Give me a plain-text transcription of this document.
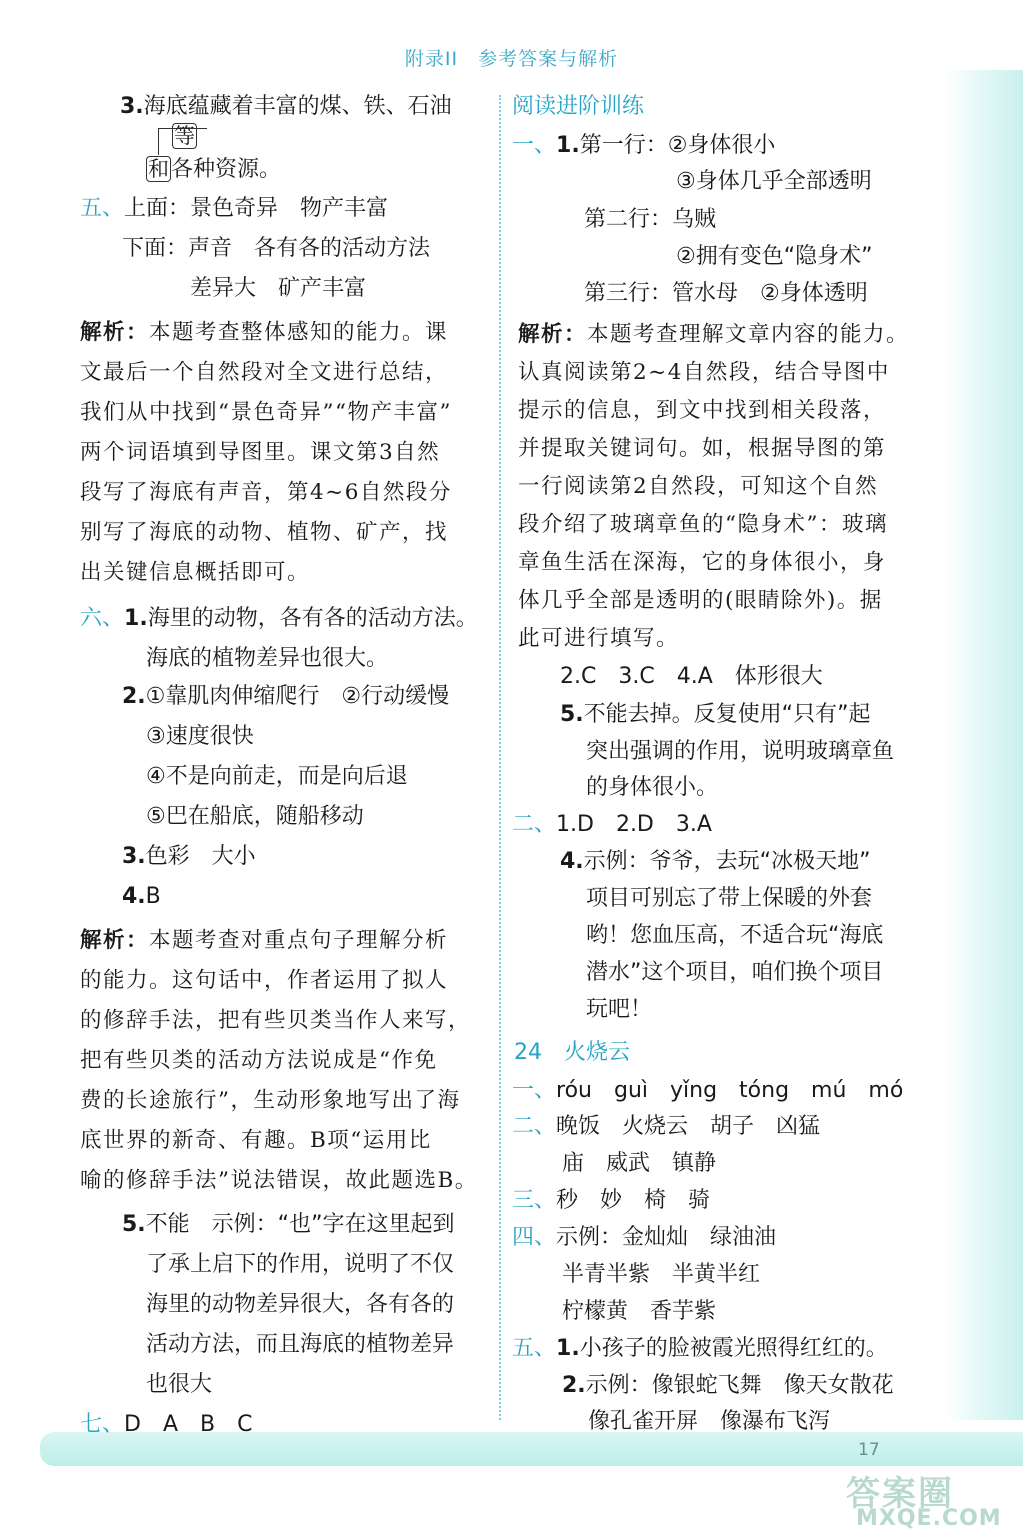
附录II　参考答案与解析
3.海底蕴藏着丰富的煤、铁、石油
等
和各种资源。
五、上面：景色奇异　物产丰富
下面：声音　各有各的活动方法
差异大　矿产丰富
解析：本题考查整体感知的能力。课
文最后一个自然段对全文进行总结，
我们从中找到“景色奇异”“物产丰富”
两个词语填到导图里。课文第3自然
段写了海底有声音，第4~6自然段分
别写了海底的动物、植物、矿产，找
出关键信息概括即可。
六、1.海里的动物，各有各的活动方法。
海底的植物差异也很大。
2.①靠肌肉伸缩爬行　②行动缓慢
③速度很快
④不是向前走，而是向后退
⑤巴在船底，随船移动
3.色彩　大小
4.B
解析：本题考查对重点句子理解分析
的能力。这句话中，作者运用了拟人
的修辞手法，把有些贝类当作人来写，
把有些贝类的活动方法说成是“作免
费的长途旅行”，生动形象地写出了海
底世界的新奇、有趣。B项“运用比
喻的修辞手法”说法错误，故此题选B。
5.不能　示例：“也”字在这里起到
了承上启下的作用，说明了不仅
海里的动物差异很大，各有各的
活动方法，而且海底的植物差异
也很大
七、D　A　B　C
阅读进阶训练
一、1.第一行：②身体很小
③身体几乎全部透明
第二行：乌贼
②拥有变色“隐身术”
第三行：管水母　②身体透明
解析：本题考查理解文章内容的能力。
认真阅读第2~4自然段，结合导图中
提示的信息，到文中找到相关段落，
并提取关键词句。如，根据导图的第
一行阅读第2自然段，可知这个自然
段介绍了玻璃章鱼的“隐身术”：玻璃
章鱼生活在深海，它的身体很小，身
体几乎全部是透明的(眼睛除外)。据
此可进行填写。
2.C　3.C　4.A　体形很大
5.不能去掉。反复使用“只有”起
突出强调的作用，说明玻璃章鱼
的身体很小。
二、1.D　2.D　3.A
4.示例：爷爷，去玩“冰极天地”
项目可别忘了带上保暖的外套
哟！您血压高，不适合玩“海底
潜水”这个项目，咱们换个项目
玩吧！
24　 火烧云
一、róu　guì　yǐng　tóng　mú　mó
二、晚饭　火烧云　胡子　凶猛
庙　威武　镇静
三、秒　妙　椅　骑
四、示例：金灿灿　绿油油
半青半紫　半黄半红
柠檬黄　香芋紫
五、1.小孩子的脸被霞光照得红红的。
2.示例：像银蛇飞舞　像天女散花
像孔雀开屏　像瀑布飞泻
17
答案圈
MXQE.COM
